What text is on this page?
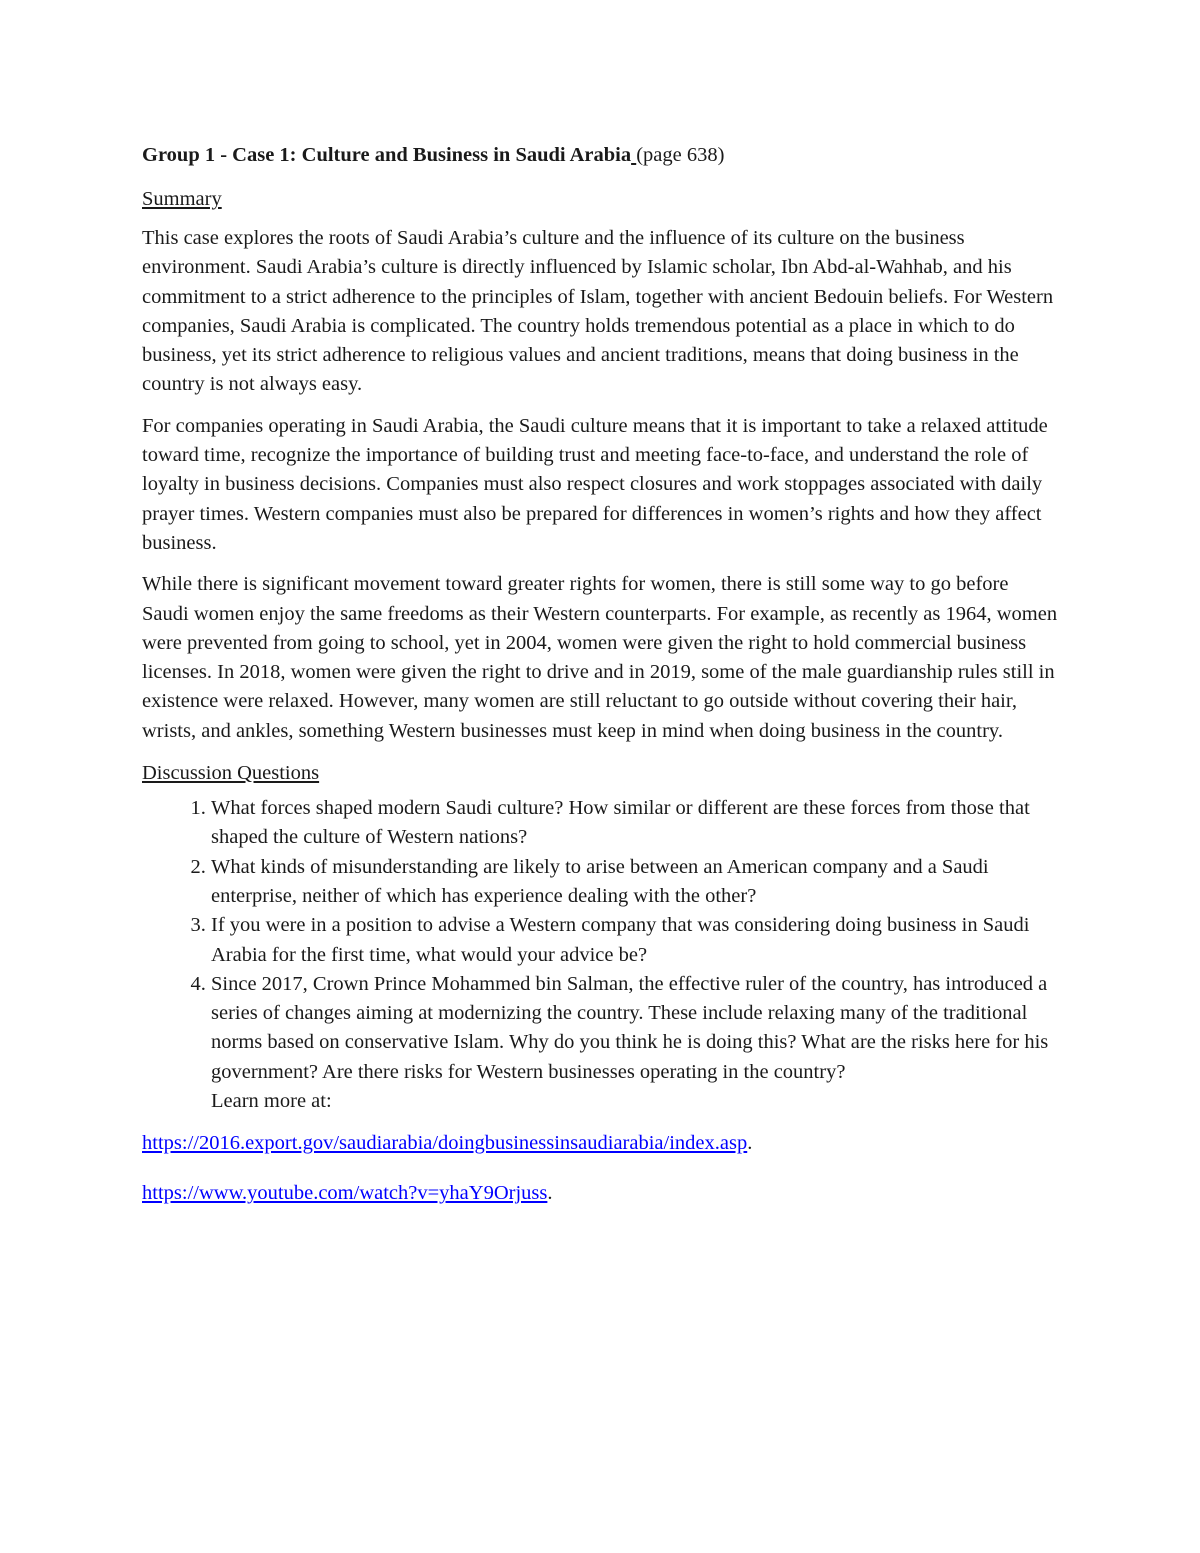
Group 1 - Case 1: Culture and Business in Saudi Arabia (page 638)

Summary

This case explores the roots of Saudi Arabia’s culture and the influence of its culture on the business environment. Saudi Arabia’s culture is directly influenced by Islamic scholar, Ibn Abd-al-Wahhab, and his commitment to a strict adherence to the principles of Islam, together with ancient Bedouin beliefs. For Western companies, Saudi Arabia is complicated. The country holds tremendous potential as a place in which to do business, yet its strict adherence to religious values and ancient traditions, means that doing business in the country is not always easy.

For companies operating in Saudi Arabia, the Saudi culture means that it is important to take a relaxed attitude toward time, recognize the importance of building trust and meeting face-to-face, and understand the role of loyalty in business decisions. Companies must also respect closures and work stoppages associated with daily prayer times. Western companies must also be prepared for differences in women’s rights and how they affect business.

While there is significant movement toward greater rights for women, there is still some way to go before Saudi women enjoy the same freedoms as their Western counterparts. For example, as recently as 1964, women were prevented from going to school, yet in 2004, women were given the right to hold commercial business licenses. In 2018, women were given the right to drive and in 2019, some of the male guardianship rules still in existence were relaxed. However, many women are still reluctant to go outside without covering their hair, wrists, and ankles, something Western businesses must keep in mind when doing business in the country.

Discussion Questions

1. What forces shaped modern Saudi culture? How similar or different are these forces from those that shaped the culture of Western nations?
2. What kinds of misunderstanding are likely to arise between an American company and a Saudi enterprise, neither of which has experience dealing with the other?
3. If you were in a position to advise a Western company that was considering doing business in Saudi Arabia for the first time, what would your advice be?
4. Since 2017, Crown Prince Mohammed bin Salman, the effective ruler of the country, has introduced a series of changes aiming at modernizing the country. These include relaxing many of the traditional norms based on conservative Islam. Why do you think he is doing this? What are the risks here for his government? Are there risks for Western businesses operating in the country?
Learn more at:

https://2016.export.gov/saudiarabia/doingbusinessinsaudiarabia/index.asp.

https://www.youtube.com/watch?v=yhaY9Orjuss.
